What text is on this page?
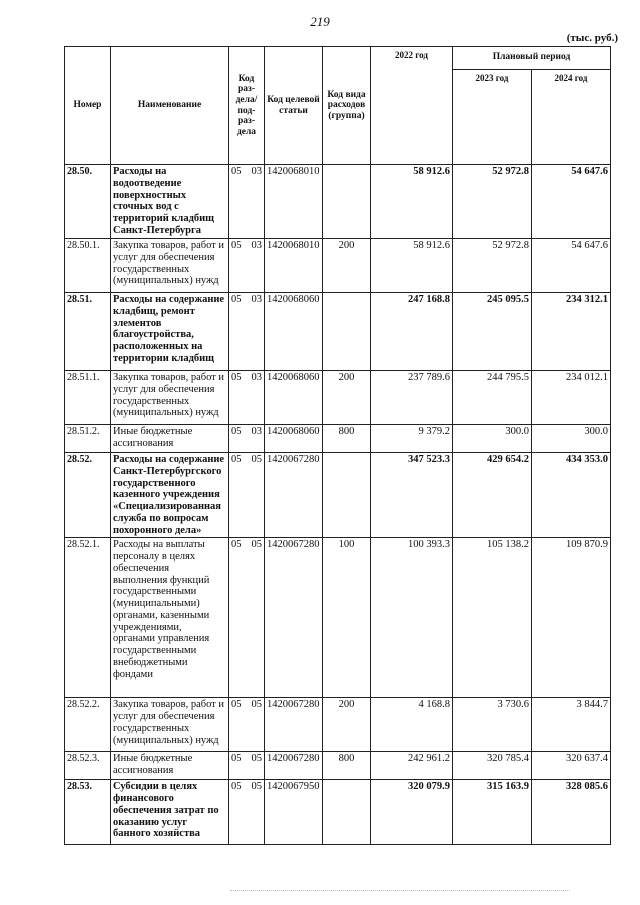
219
(тыс. руб.)
Номер	Наименование	Код раз-дела/ под-раз-дела	Код целевой статьи	Код вида расходов (группа)	2022 год	Плановый период	
						2023 год	2024 год
28.50.	Расходы на водоотведение поверхностных сточных вод с территорий кладбищ Санкт-Петербурга	05 03	1420068010		58 912.6	52 972.8	54 647.6
28.50.1.	Закупка товаров, работ и услуг для обеспечения государственных (муниципальных) нужд	05 03	1420068010	200	58 912.6	52 972.8	54 647.6
28.51.	Расходы на содержание кладбищ, ремонт элементов благоустройства, расположенных на территории кладбищ	05 03	1420068060		247 168.8	245 095.5	234 312.1
28.51.1.	Закупка товаров, работ и услуг для обеспечения государственных (муниципальных) нужд	05 03	1420068060	200	237 789.6	244 795.5	234 012.1
28.51.2.	Иные бюджетные ассигнования	05 03	1420068060	800	9 379.2	300.0	300.0
28.52.	Расходы на содержание Санкт-Петербургского государственного казенного учреждения «Специализированная служба по вопросам похоронного дела»	05 05	1420067280		347 523.3	429 654.2	434 353.0
28.52.1.	Расходы на выплаты персоналу в целях обеспечения выполнения функций государственными (муниципальными) органами, казенными учреждениями, органами управления государственными внебюджетными фондами	05 05	1420067280	100	100 393.3	105 138.2	109 870.9
28.52.2.	Закупка товаров, работ и услуг для обеспечения государственных (муниципальных) нужд	05 05	1420067280	200	4 168.8	3 730.6	3 844.7
28.52.3.	Иные бюджетные ассигнования	05 05	1420067280	800	242 961.2	320 785.4	320 637.4
28.53.	Субсидии в целях финансового обеспечения затрат по оказанию услуг банного хозяйства	05 05	1420067950		320 079.9	315 163.9	328 085.6
